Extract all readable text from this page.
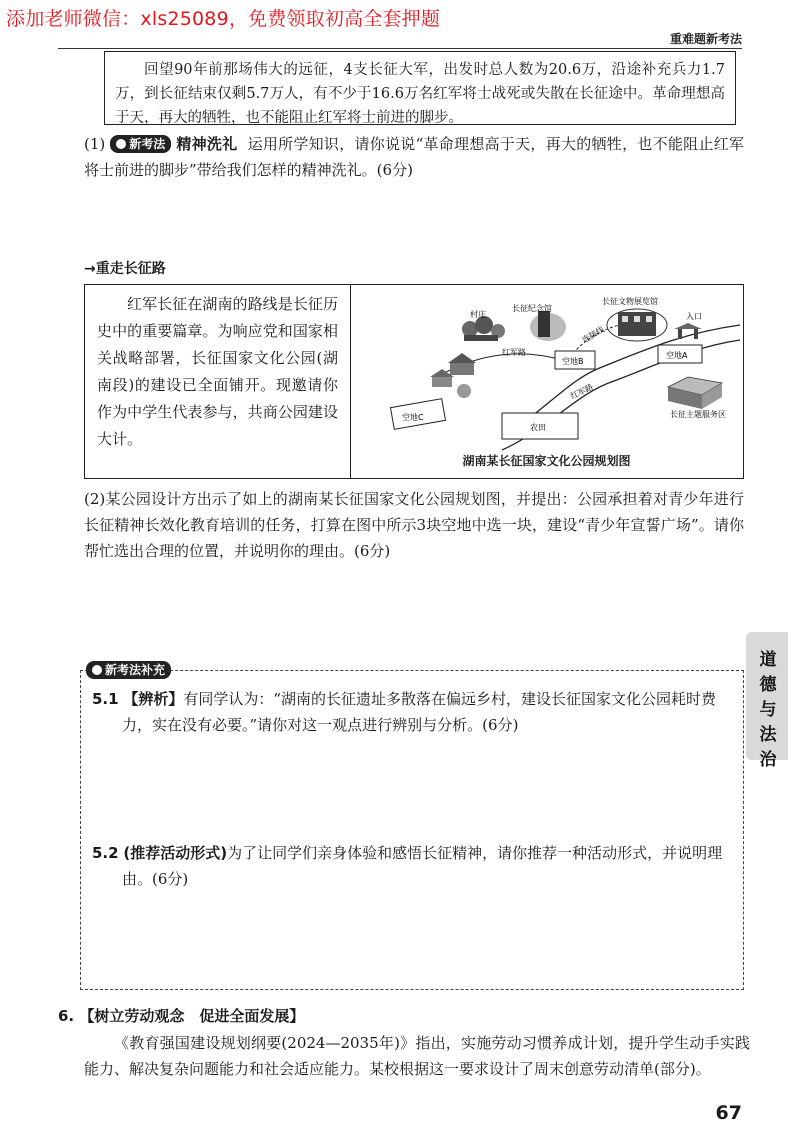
添加老师微信：xls25089，免费领取初高全套押题
重难题新考法
回望90年前那场伟大的远征，4支长征大军，出发时总人数为20.6万，沿途补充兵力1.7万，到长征结束仅剩5.7万人，有不少于16.6万名红军将士战死或失散在长征途中。革命理想高于天，再大的牺牲，也不能阻止红军将士前进的脚步。
(1) 新考法 精神洗礼 运用所学知识，请你说说“革命理想高于天，再大的牺牲，也不能阻止红军将士前进的脚步”带给我们怎样的精神洗礼。(6分)
→重走长征路
红军长征在湖南的路线是长征历史中的重要篇章。为响应党和国家相关战略部署，长征国家文化公园(湖南段)的建设已全面铺开。现邀请你作为中学生代表参与，共商公园建设大计。
村庄
长征纪念馆
长征文物展览馆
入口
红军路
连接线
空地B
空地A
红军路
空地C
农田
长征主题服务区
湖南某长征国家文化公园规划图
(2)某公园设计方出示了如上的湖南某长征国家文化公园规划图，并提出：公园承担着对青少年进行长征精神长效化教育培训的任务，打算在图中所示3块空地中选一块，建设“青少年宣誓广场”。请你帮忙选出合理的位置，并说明你的理由。(6分)
新考法补充
5.1 【辨析】有同学认为：“湖南的长征遗址多散落在偏远乡村，建设长征国家文化公园耗时费力，实在没有必要。”请你对这一观点进行辨别与分析。(6分)
5.2 (推荐活动形式)为了让同学们亲身体验和感悟长征精神，请你推荐一种活动形式，并说明理由。(6分)
6. 【树立劳动观念　促进全面发展】
《教育强国建设规划纲要(2024—2035年)》指出，实施劳动习惯养成计划，提升学生动手实践能力、解决复杂问题能力和社会适应能力。某校根据这一要求设计了周末创意劳动清单(部分)。
道德与法治
67
